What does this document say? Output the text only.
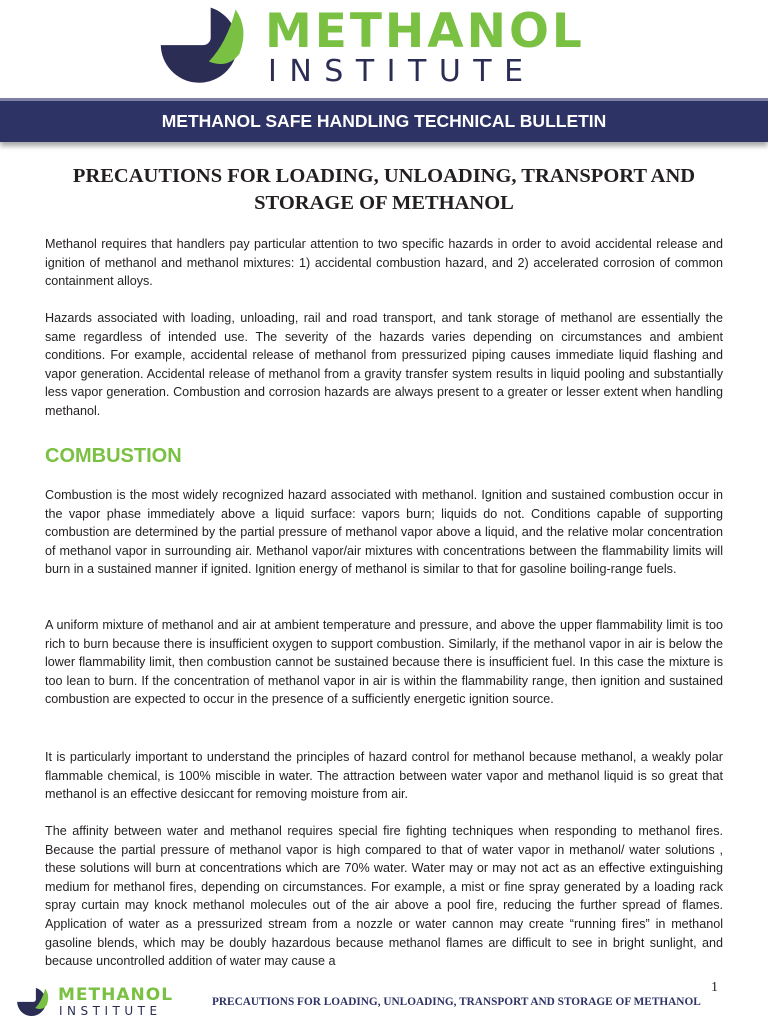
METHANOL
INSTITUTE
METHANOL SAFE HANDLING TECHNICAL BULLETIN
PRECAUTIONS FOR LOADING, UNLOADING, TRANSPORT AND
STORAGE OF METHANOL

Methanol requires that handlers pay particular attention to two specific hazards in order to avoid accidental release and ignition of methanol and methanol mixtures: 1) accidental combustion hazard, and 2) accelerated corrosion of common containment alloys.

Hazards associated with loading, unloading, rail and road transport, and tank storage of methanol are essentially the same regardless of intended use. The severity of the hazards varies depending on circumstances and ambient conditions. For example, accidental release of methanol from pressurized piping causes immediate liquid flashing and vapor generation. Accidental release of methanol from a gravity transfer system results in liquid pooling and substantially less vapor generation. Combustion and corrosion hazards are always present to a greater or lesser extent when handling methanol.

COMBUSTION

Combustion is the most widely recognized hazard associated with methanol. Ignition and sustained combustion occur in the vapor phase immediately above a liquid surface: vapors burn; liquids do not. Conditions capable of supporting combustion are determined by the partial pressure of methanol vapor above a liquid, and the relative molar concentration of methanol vapor in surrounding air. Methanol vapor/air mixtures with concentrations between the flammability limits will burn in a sustained manner if ignited. Ignition energy of methanol is similar to that for gasoline boiling-range fuels.

A uniform mixture of methanol and air at ambient temperature and pressure, and above the upper flammability limit is too rich to burn because there is insufficient oxygen to support combustion. Similarly, if the methanol vapor in air is below the lower flammability limit, then combustion cannot be sustained because there is insufficient fuel. In this case the mixture is too lean to burn. If the concentration of methanol vapor in air is within the flammability range, then ignition and sustained combustion are expected to occur in the presence of a sufficiently energetic ignition source.

It is particularly important to understand the principles of hazard control for methanol because methanol, a weakly polar flammable chemical, is 100% miscible in water. The attraction between water vapor and methanol liquid is so great that methanol is an effective desiccant for removing moisture from air.

The affinity between water and methanol requires special fire fighting techniques when responding to methanol fires. Because the partial pressure of methanol vapor is high compared to that of water vapor in methanol/ water solutions , these solutions will burn at concentrations which are 70% water. Water may or may not act as an effective extinguishing medium for methanol fires, depending on circumstances. For example, a mist or fine spray generated by a loading rack spray curtain may knock methanol molecules out of the air above a pool fire, reducing the further spread of flames. Application of water as a pressurized stream from a nozzle or water cannon may create “running fires” in methanol gasoline blends, which may be doubly hazardous because methanol flames are difficult to see in bright sunlight, and because uncontrolled addition of water may cause a

1
METHANOL
INSTITUTE
PRECAUTIONS FOR LOADING, UNLOADING, TRANSPORT AND STORAGE OF METHANOL
